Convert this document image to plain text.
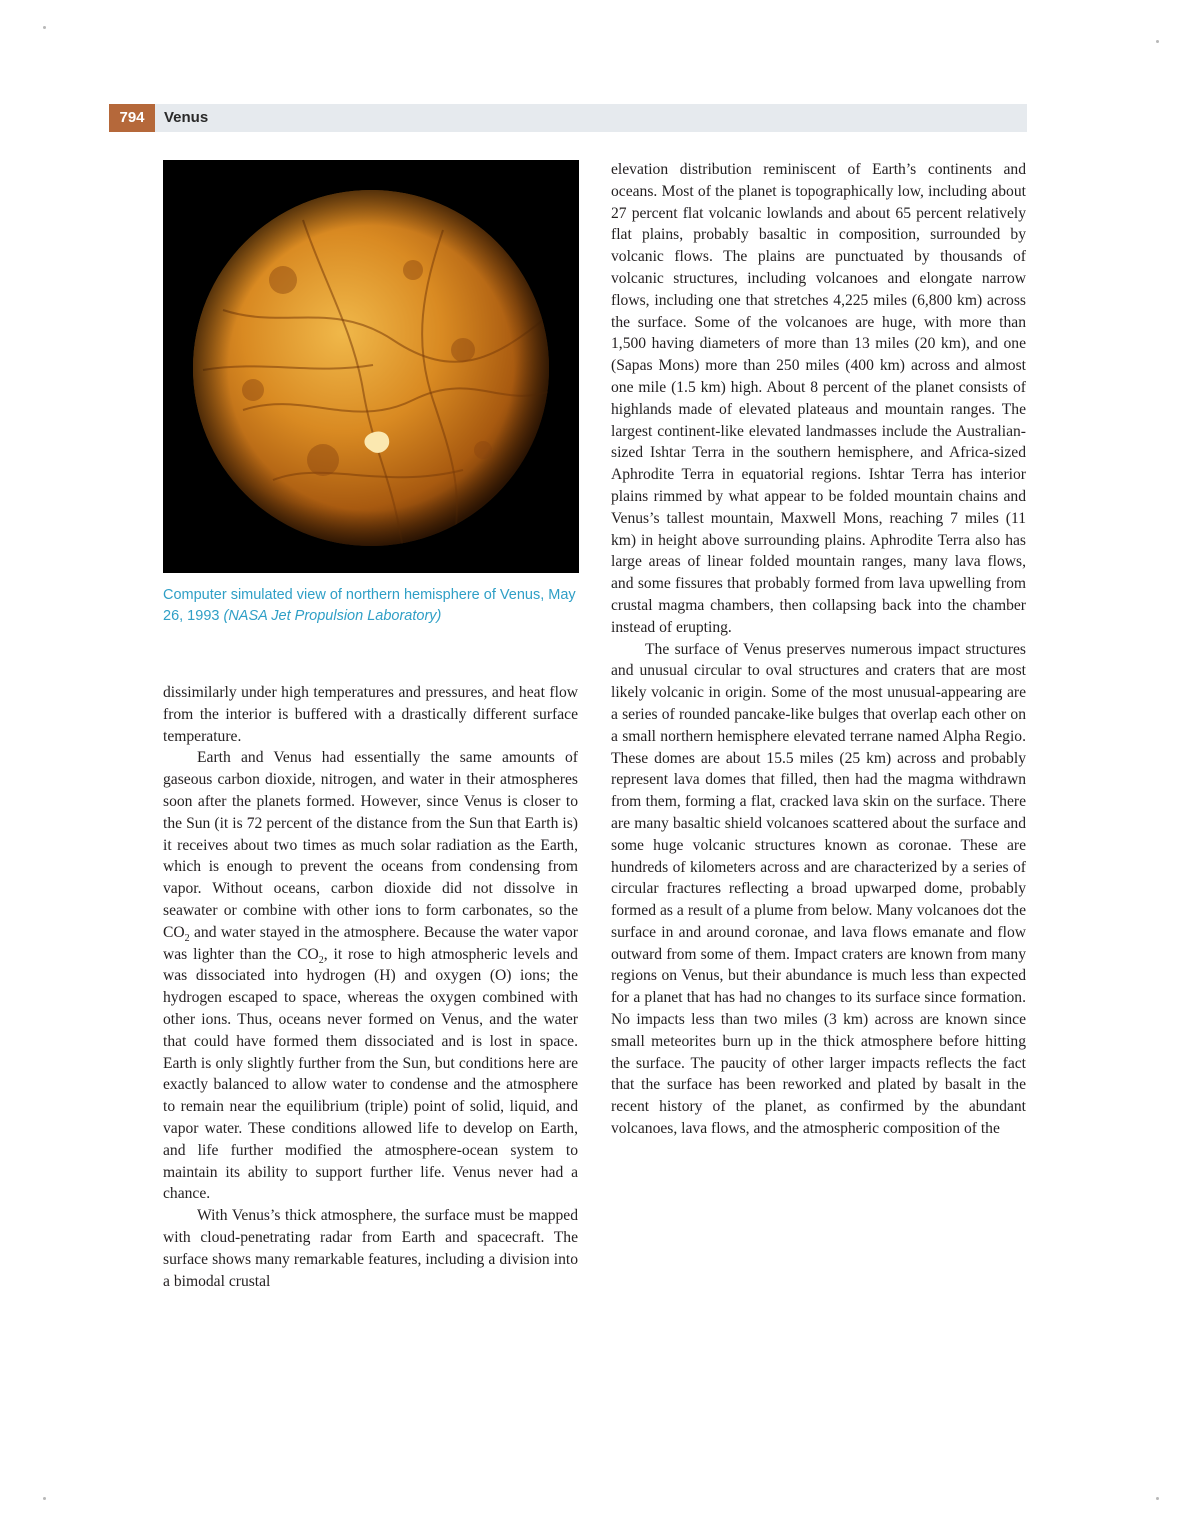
794	Venus
Computer simulated view of northern hemisphere of Venus, May 26, 1993 (NASA Jet Propulsion Laboratory)

dissimilarly under high temperatures and pressures, and heat flow from the interior is buffered with a drastically different surface temperature.

Earth and Venus had essentially the same amounts of gaseous carbon dioxide, nitrogen, and water in their atmospheres soon after the planets formed. However, since Venus is closer to the Sun (it is 72 percent of the distance from the Sun that Earth is) it receives about two times as much solar radiation as the Earth, which is enough to prevent the oceans from condensing from vapor. Without oceans, carbon dioxide did not dissolve in seawater or combine with other ions to form carbonates, so the $CO_2$ and water stayed in the atmosphere. Because the water vapor was lighter than the $CO_2$, it rose to high atmospheric levels and was dissociated into hydrogen (H) and oxygen (O) ions; the hydrogen escaped to space, whereas the oxygen combined with other ions. Thus, oceans never formed on Venus, and the water that could have formed them dissociated and is lost in space. Earth is only slightly further from the Sun, but conditions here are exactly balanced to allow water to condense and the atmosphere to remain near the equilibrium (triple) point of solid, liquid, and vapor water. These conditions allowed life to develop on Earth, and life further modified the atmosphere-ocean system to maintain its ability to support further life. Venus never had a chance.

With Venus’s thick atmosphere, the surface must be mapped with cloud-penetrating radar from Earth and spacecraft. The surface shows many remarkable features, including a division into a bimodal crustal

elevation distribution reminiscent of Earth’s continents and oceans. Most of the planet is topographically low, including about 27 percent flat volcanic lowlands and about 65 percent relatively flat plains, probably basaltic in composition, surrounded by volcanic flows. The plains are punctuated by thousands of volcanic structures, including volcanoes and elongate narrow flows, including one that stretches 4,225 miles (6,800 km) across the surface. Some of the volcanoes are huge, with more than 1,500 having diameters of more than 13 miles (20 km), and one (Sapas Mons) more than 250 miles (400 km) across and almost one mile (1.5 km) high. About 8 percent of the planet consists of highlands made of elevated plateaus and mountain ranges. The largest continent-like elevated landmasses include the Australian-sized Ishtar Terra in the southern hemisphere, and Africa-sized Aphrodite Terra in equatorial regions. Ishtar Terra has interior plains rimmed by what appear to be folded mountain chains and Venus’s tallest mountain, Maxwell Mons, reaching 7 miles (11 km) in height above surrounding plains. Aphrodite Terra also has large areas of linear folded mountain ranges, many lava flows, and some fissures that probably formed from lava upwelling from crustal magma chambers, then collapsing back into the chamber instead of erupting.

The surface of Venus preserves numerous impact structures and unusual circular to oval structures and craters that are most likely volcanic in origin. Some of the most unusual-appearing are a series of rounded pancake-like bulges that overlap each other on a small northern hemisphere elevated terrane named Alpha Regio. These domes are about 15.5 miles (25 km) across and probably represent lava domes that filled, then had the magma withdrawn from them, forming a flat, cracked lava skin on the surface. There are many basaltic shield volcanoes scattered about the surface and some huge volcanic structures known as coronae. These are hundreds of kilometers across and are characterized by a series of circular fractures reflecting a broad upwarped dome, probably formed as a result of a plume from below. Many volcanoes dot the surface in and around coronae, and lava flows emanate and flow outward from some of them. Impact craters are known from many regions on Venus, but their abundance is much less than expected for a planet that has had no changes to its surface since formation. No impacts less than two miles (3 km) across are known since small meteorites burn up in the thick atmosphere before hitting the surface. The paucity of other larger impacts reflects the fact that the surface has been reworked and plated by basalt in the recent history of the planet, as confirmed by the abundant volcanoes, lava flows, and the atmospheric composition of the
